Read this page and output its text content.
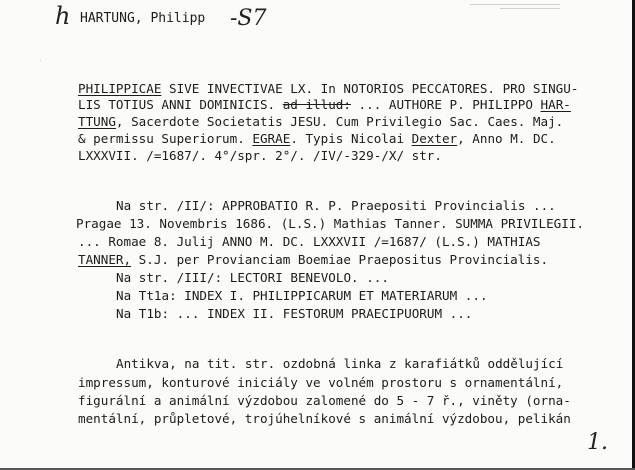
h HARTUNG, Philipp -S7
PHILIPPICAE SIVE INVECTIVAE LX. In NOTORIOS PECCATORES. PRO SINGU-
LIS TOTIUS ANNI DOMINICIS. ad illud: ... AUTHORE P. PHILIPPO HAR-
TTUNG, Sacerdote Societatis JESU. Cum Privilegio Sac. Caes. Maj.
& permissu Superiorum. EGRAE. Typis Nicolai Dexter, Anno M. DC.
LXXXVII. /=1687/. 4°/spr. 2°/. /IV/-329-/X/ str.
Na str. /II/: APPROBATIO R. P. Praepositi Provincialis ...
Pragae 13. Novembris 1686. (L.S.) Mathias Tanner. SUMMA PRIVILEGII.
... Romae 8. Julij ANNO M. DC. LXXXVII /=1687/ (L.S.) MATHIAS
TANNER, S.J. per Provianciam Boemiae Praepositus Provincialis.
Na str. /III/: LECTORI BENEVOLO. ...
Na Tt1a: INDEX I. PHILIPPICARUM ET MATERIARUM ...
Na T1b: ... INDEX II. FESTORUM PRAECIPUORUM ...
Antikva, na tit. str. ozdobná linka z karafiátků oddělující
impressum, konturové iniciály ve volném prostoru s ornamentální,
figurální a animální výzdobou zalomené do 5 - 7 ř., viněty (orna-
mentální, průpletové, trojúhelníkové s animální výzdobou, pelikán
1.
